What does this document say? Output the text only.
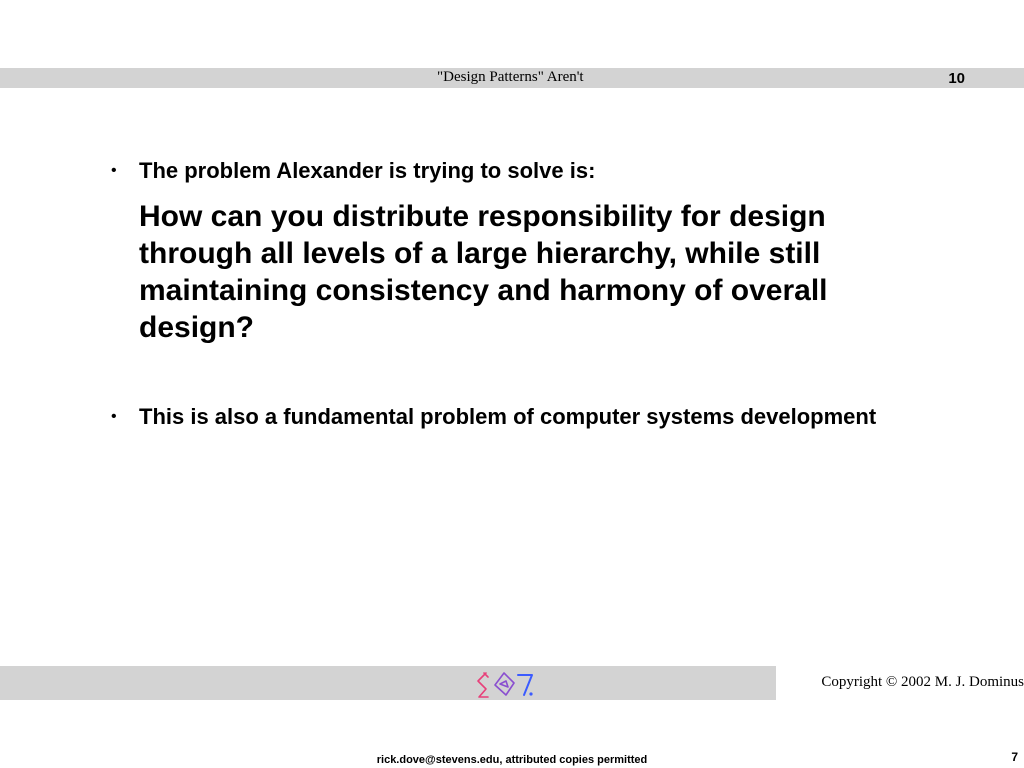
"Design Patterns" Aren't	10
•	The problem Alexander is trying to solve is:
How can you distribute responsibility for design through all levels of a large hierarchy, while still maintaining consistency and harmony of overall design?
•	This is also a fundamental problem of computer systems development
Copyright © 2002 M. J. Dominus
rick.dove@stevens.edu, attributed copies permitted	7
